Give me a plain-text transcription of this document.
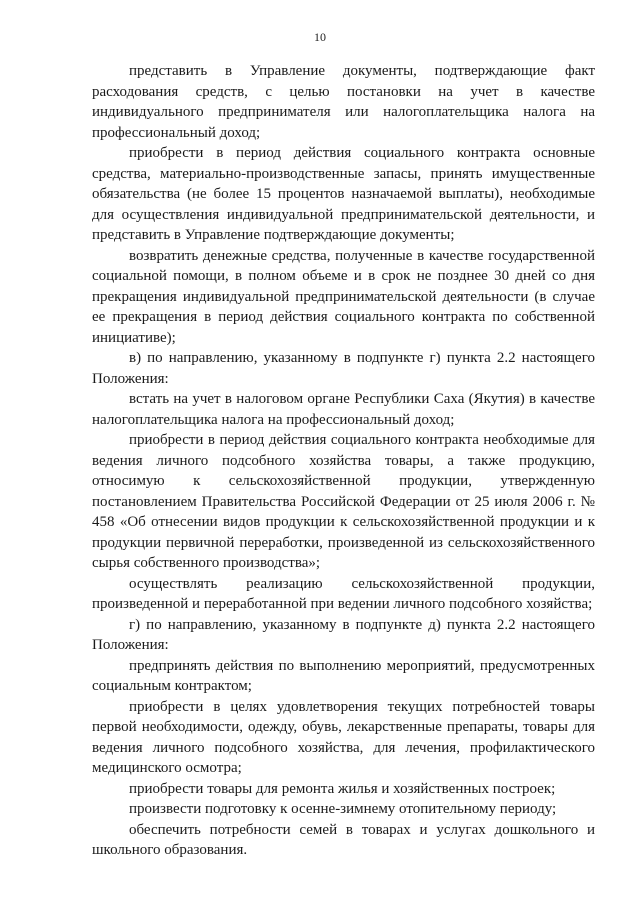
10

представить в Управление документы, подтверждающие факт расходования средств, с целью постановки на учет в качестве индивидуального предпринимателя или налогоплательщика налога на профессиональный доход;

приобрести в период действия социального контракта основные средства, материально-производственные запасы, принять имущественные обязательства (не более 15 процентов назначаемой выплаты), необходимые для осуществления индивидуальной предпринимательской деятельности, и представить в Управление подтверждающие документы;

возвратить денежные средства, полученные в качестве государственной социальной помощи, в полном объеме и в срок не позднее 30 дней со дня прекращения индивидуальной предпринимательской деятельности (в случае ее прекращения в период действия социального контракта по собственной инициативе);

в) по направлению, указанному в подпункте г) пункта 2.2 настоящего Положения:

встать на учет в налоговом органе Республики Саха (Якутия) в качестве налогоплательщика налога на профессиональный доход;

приобрести в период действия социального контракта необходимые для ведения личного подсобного хозяйства товары, а также продукцию, относимую к сельскохозяйственной продукции, утвержденную постановлением Правительства Российской Федерации от 25 июля 2006 г. № 458 «Об отнесении видов продукции к сельскохозяйственной продукции и к продукции первичной переработки, произведенной из сельскохозяйственного сырья собственного производства»;

осуществлять реализацию сельскохозяйственной продукции, произведенной и переработанной при ведении личного подсобного хозяйства;

г) по направлению, указанному в подпункте д) пункта 2.2 настоящего Положения:

предпринять действия по выполнению мероприятий, предусмотренных социальным контрактом;

приобрести в целях удовлетворения текущих потребностей товары первой необходимости, одежду, обувь, лекарственные препараты, товары для ведения личного подсобного хозяйства, для лечения, профилактического медицинского осмотра;

приобрести товары для ремонта жилья и хозяйственных построек;

произвести подготовку к осенне-зимнему отопительному периоду;

обеспечить потребности семей в товарах и услугах дошкольного и школьного образования.
